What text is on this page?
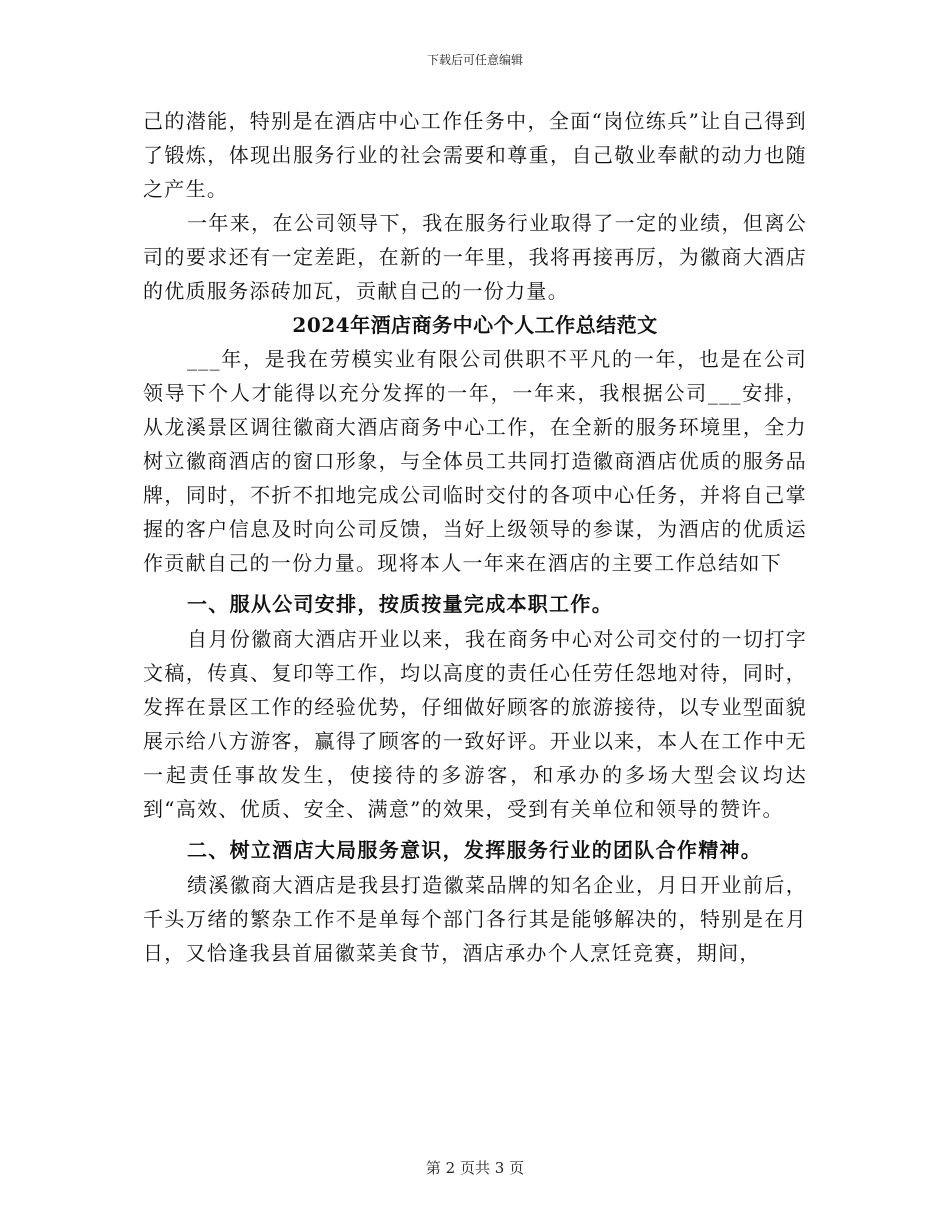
下载后可任意编辑

己的潜能，特别是在酒店中心工作任务中，全面“岗位练兵”让自己得到了锻炼，体现出服务行业的社会需要和尊重，自己敬业奉献的动力也随之产生。

一年来，在公司领导下，我在服务行业取得了一定的业绩，但离公司的要求还有一定差距，在新的一年里，我将再接再厉，为徽商大酒店的优质服务添砖加瓦，贡献自己的一份力量。

2024年酒店商务中心个人工作总结范文

___年，是我在劳模实业有限公司供职不平凡的一年，也是在公司领导下个人才能得以充分发挥的一年，一年来，我根据公司___安排，从龙溪景区调往徽商大酒店商务中心工作，在全新的服务环境里，全力树立徽商酒店的窗口形象，与全体员工共同打造徽商酒店优质的服务品牌，同时，不折不扣地完成公司临时交付的各项中心任务，并将自己掌握的客户信息及时向公司反馈，当好上级领导的参谋，为酒店的优质运作贡献自己的一份力量。现将本人一年来在酒店的主要工作总结如下

一、服从公司安排，按质按量完成本职工作。

自月份徽商大酒店开业以来，我在商务中心对公司交付的一切打字文稿，传真、复印等工作，均以高度的责任心任劳任怨地对待，同时，发挥在景区工作的经验优势，仔细做好顾客的旅游接待，以专业型面貌展示给八方游客，赢得了顾客的一致好评。开业以来，本人在工作中无一起责任事故发生，使接待的多游客，和承办的多场大型会议均达到“高效、优质、安全、满意”的效果，受到有关单位和领导的赞许。

二、树立酒店大局服务意识，发挥服务行业的团队合作精神。

绩溪徽商大酒店是我县打造徽菜品牌的知名企业，月日开业前后，千头万绪的繁杂工作不是单每个部门各行其是能够解决的，特别是在月日，又恰逢我县首届徽菜美食节，酒店承办个人烹饪竞赛，期间，

第 2 页共 3 页
